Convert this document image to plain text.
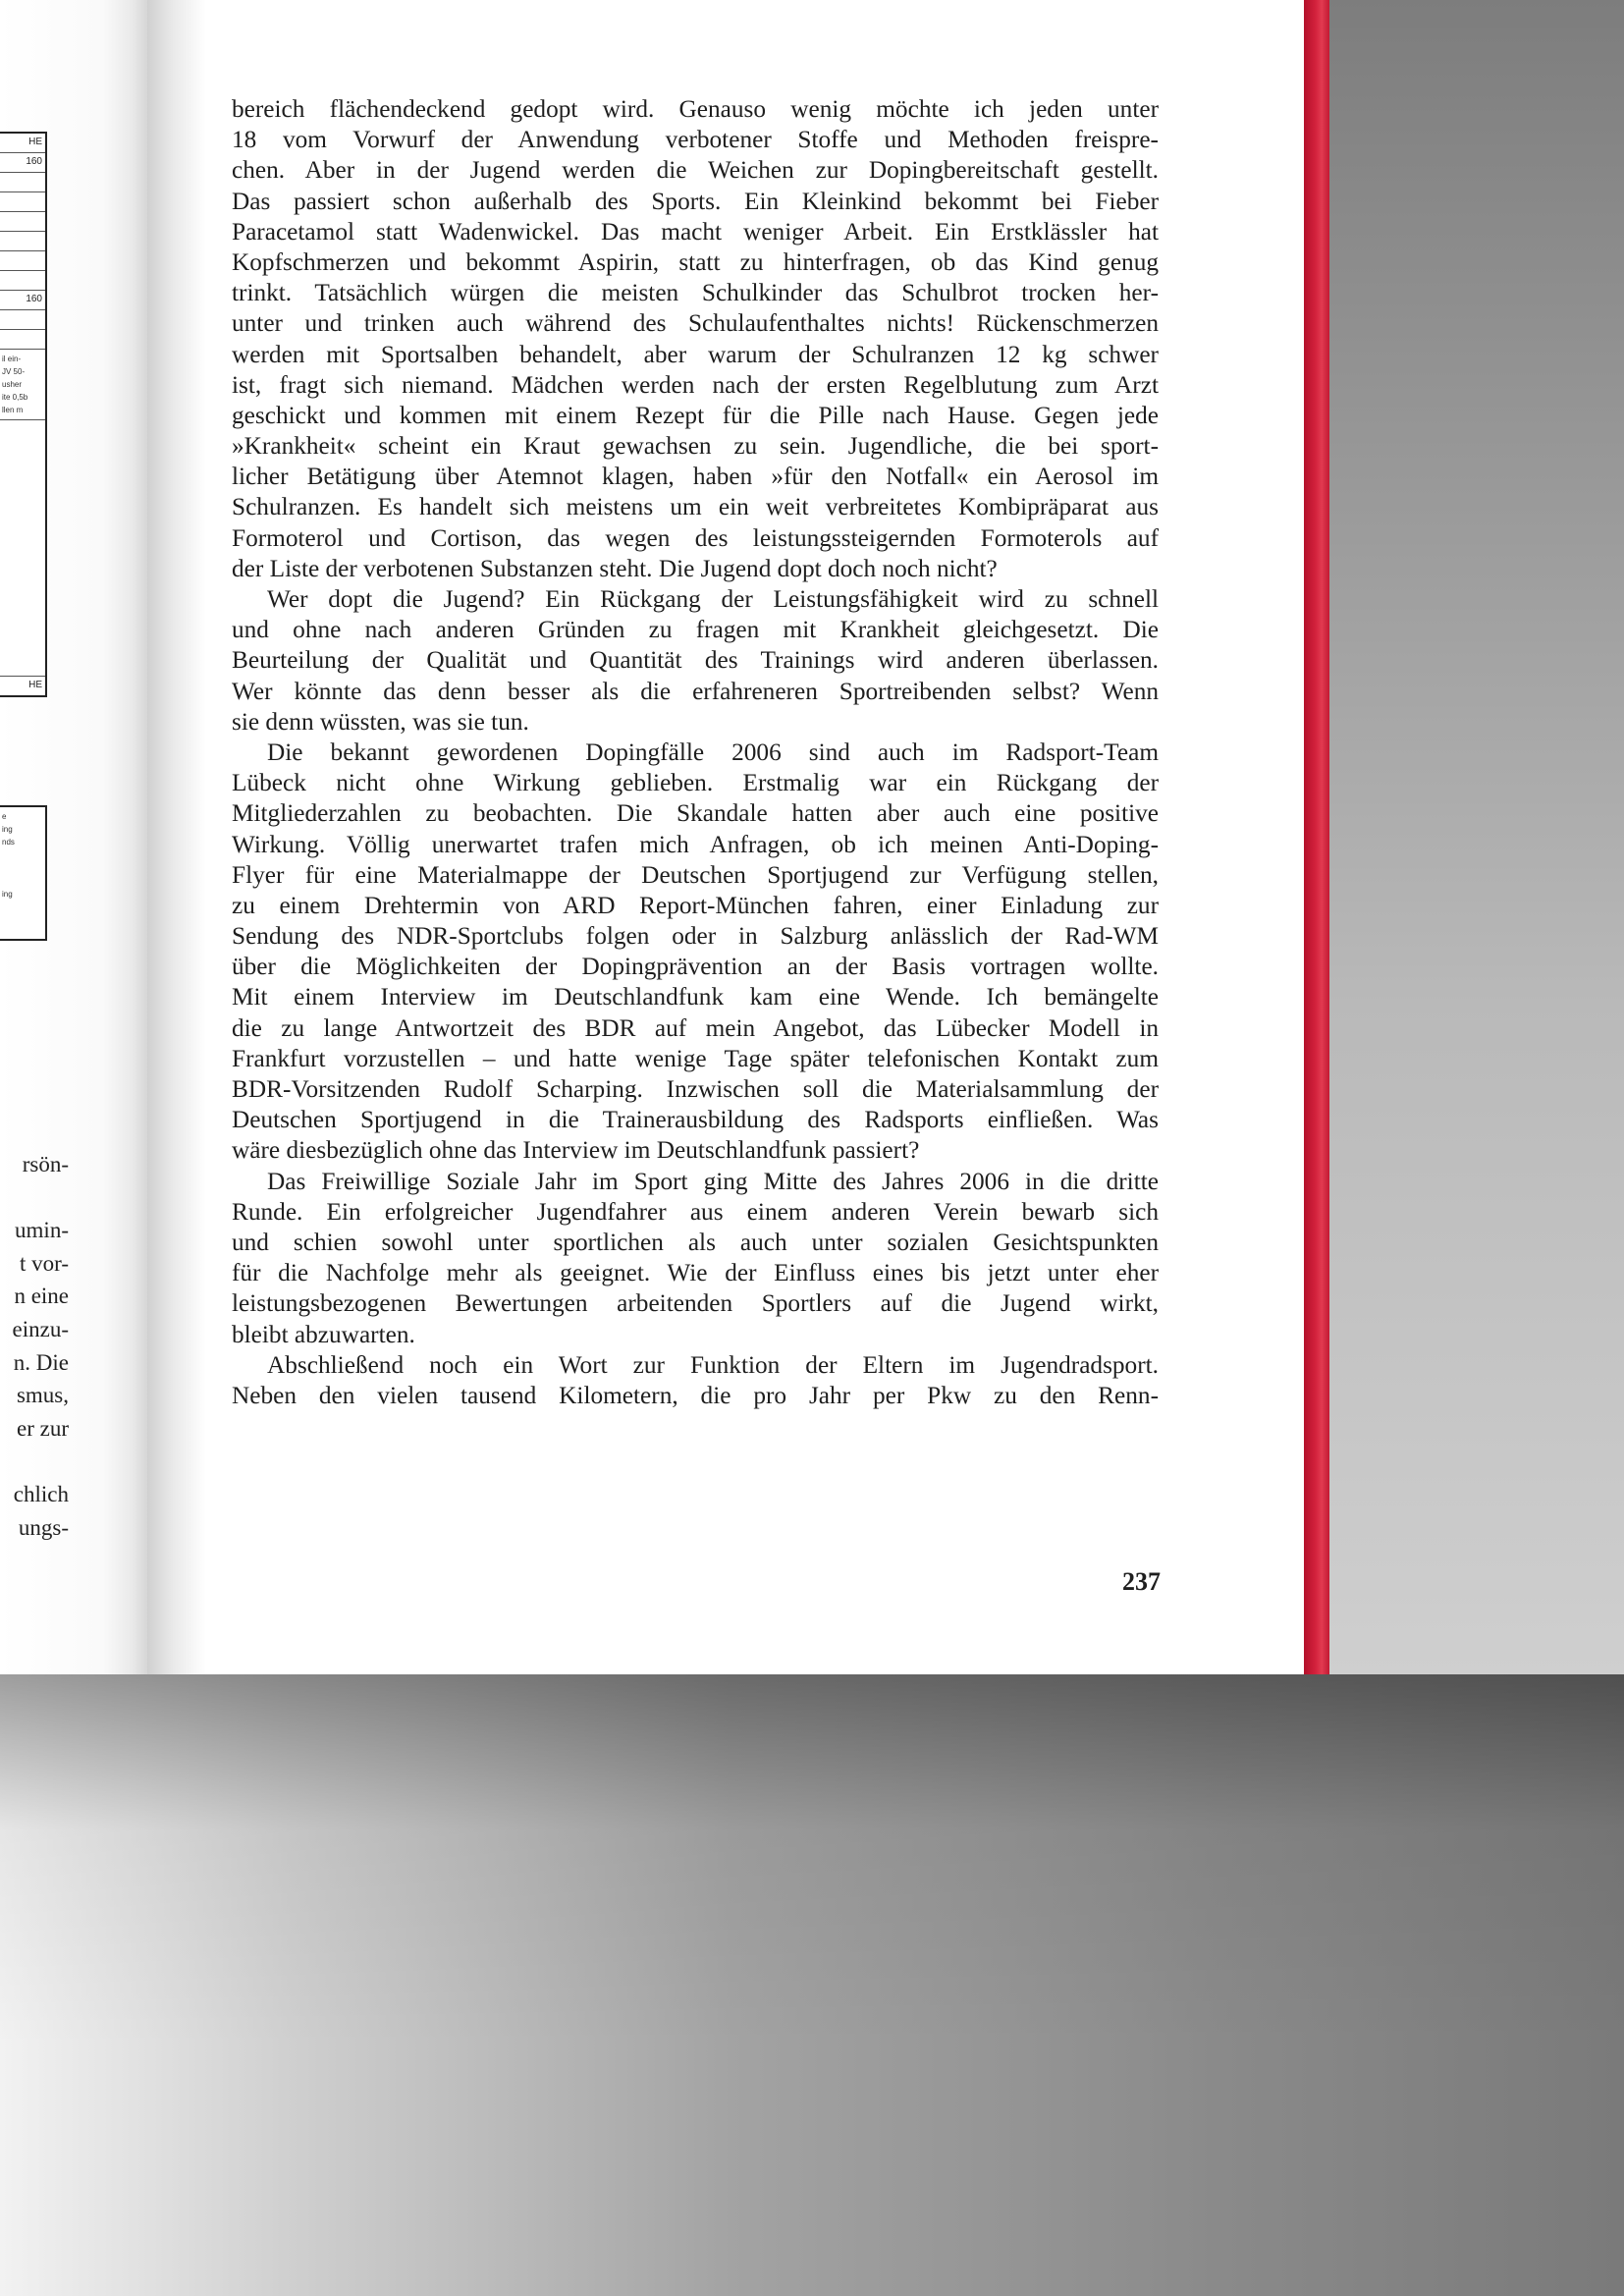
HE
160
160
il ein-
JV 50-
usher
ite 0,5b
llen m
HE
e
ing
nds
ing
rsön-
umin-
t vor-
n eine
einzu-
n. Die
smus,
er zur
chlich
ungs-
bereich flächendeckend gedopt wird. Genauso wenig möchte ich jeden unter
18 vom Vorwurf der Anwendung verbotener Stoffe und Methoden freispre-
chen. Aber in der Jugend werden die Weichen zur Dopingbereitschaft gestellt.
Das passiert schon außerhalb des Sports. Ein Kleinkind bekommt bei Fieber
Paracetamol statt Wadenwickel. Das macht weniger Arbeit. Ein Erstklässler hat
Kopfschmerzen und bekommt Aspirin, statt zu hinterfragen, ob das Kind genug
trinkt. Tatsächlich würgen die meisten Schulkinder das Schulbrot trocken her-
unter und trinken auch während des Schulaufenthaltes nichts! Rückenschmerzen
werden mit Sportsalben behandelt, aber warum der Schulranzen 12 kg schwer
ist, fragt sich niemand. Mädchen werden nach der ersten Regelblutung zum Arzt
geschickt und kommen mit einem Rezept für die Pille nach Hause. Gegen jede
»Krankheit« scheint ein Kraut gewachsen zu sein. Jugendliche, die bei sport-
licher Betätigung über Atemnot klagen, haben »für den Notfall« ein Aerosol im
Schulranzen. Es handelt sich meistens um ein weit verbreitetes Kombipräparat aus
Formoterol und Cortison, das wegen des leistungssteigernden Formoterols auf
der Liste der verbotenen Substanzen steht. Die Jugend dopt doch noch nicht?
Wer dopt die Jugend? Ein Rückgang der Leistungsfähigkeit wird zu schnell
und ohne nach anderen Gründen zu fragen mit Krankheit gleichgesetzt. Die
Beurteilung der Qualität und Quantität des Trainings wird anderen überlassen.
Wer könnte das denn besser als die erfahreneren Sportreibenden selbst? Wenn
sie denn wüssten, was sie tun.
Die bekannt gewordenen Dopingfälle 2006 sind auch im Radsport-Team
Lübeck nicht ohne Wirkung geblieben. Erstmalig war ein Rückgang der
Mitgliederzahlen zu beobachten. Die Skandale hatten aber auch eine positive
Wirkung. Völlig unerwartet trafen mich Anfragen, ob ich meinen Anti-Doping-
Flyer für eine Materialmappe der Deutschen Sportjugend zur Verfügung stellen,
zu einem Drehtermin von ARD Report-München fahren, einer Einladung zur
Sendung des NDR-Sportclubs folgen oder in Salzburg anlässlich der Rad-WM
über die Möglichkeiten der Dopingprävention an der Basis vortragen wollte.
Mit einem Interview im Deutschlandfunk kam eine Wende. Ich bemängelte
die zu lange Antwortzeit des BDR auf mein Angebot, das Lübecker Modell in
Frankfurt vorzustellen – und hatte wenige Tage später telefonischen Kontakt zum
BDR-Vorsitzenden Rudolf Scharping. Inzwischen soll die Materialsammlung der
Deutschen Sportjugend in die Trainerausbildung des Radsports einfließen. Was
wäre diesbezüglich ohne das Interview im Deutschlandfunk passiert?
Das Freiwillige Soziale Jahr im Sport ging Mitte des Jahres 2006 in die dritte
Runde. Ein erfolgreicher Jugendfahrer aus einem anderen Verein bewarb sich
und schien sowohl unter sportlichen als auch unter sozialen Gesichtspunkten
für die Nachfolge mehr als geeignet. Wie der Einfluss eines bis jetzt unter eher
leistungsbezogenen Bewertungen arbeitenden Sportlers auf die Jugend wirkt,
bleibt abzuwarten.
Abschließend noch ein Wort zur Funktion der Eltern im Jugendradsport.
Neben den vielen tausend Kilometern, die pro Jahr per Pkw zu den Renn-
237
